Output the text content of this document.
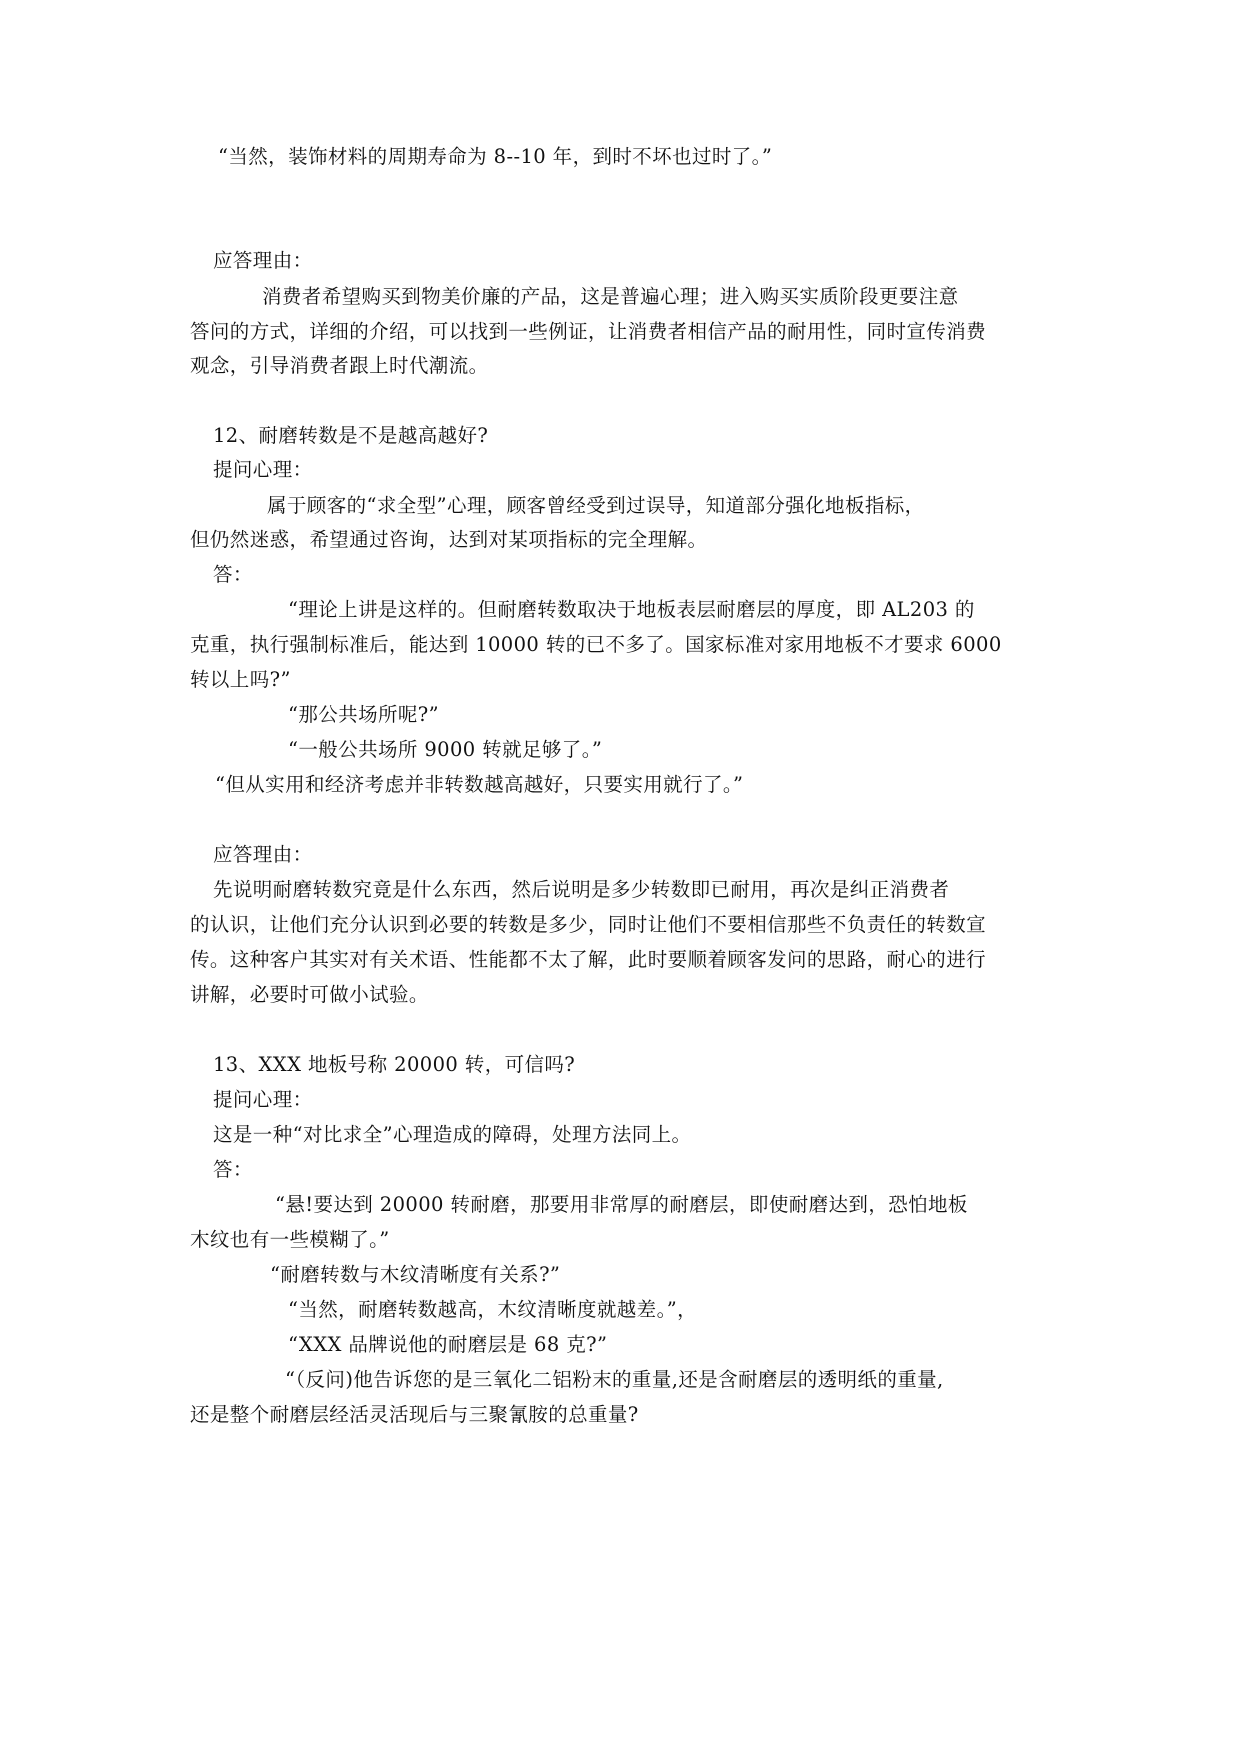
“当然，装饰材料的周期寿命为 8--10 年，到时不坏也过时了。”
应答理由：
消费者希望购买到物美价廉的产品，这是普遍心理；进入购买实质阶段更要注意
答问的方式，详细的介绍，可以找到一些例证，让消费者相信产品的耐用性，同时宣传消费
观念，引导消费者跟上时代潮流。
12、耐磨转数是不是越高越好?
提问心理：
属于顾客的“求全型”心理，顾客曾经受到过误导，知道部分强化地板指标，
但仍然迷惑，希望通过咨询，达到对某项指标的完全理解。
答：
“理论上讲是这样的。但耐磨转数取决于地板表层耐磨层的厚度，即 AL203 的
克重，执行强制标准后，能达到 10000 转的已不多了。国家标准对家用地板不才要求 6000
转以上吗?”
“那公共场所呢?”
“一般公共场所 9000 转就足够了。”
“但从实用和经济考虑并非转数越高越好，只要实用就行了。”
应答理由：
先说明耐磨转数究竟是什么东西，然后说明是多少转数即已耐用，再次是纠正消费者
的认识，让他们充分认识到必要的转数是多少，同时让他们不要相信那些不负责任的转数宣
传。这种客户其实对有关术语、性能都不太了解，此时要顺着顾客发问的思路，耐心的进行
讲解，必要时可做小试验。
13、XXX 地板号称 20000 转，可信吗?
提问心理：
这是一种“对比求全”心理造成的障碍，处理方法同上。
答：
“悬!要达到 20000 转耐磨，那要用非常厚的耐磨层，即使耐磨达到，恐怕地板
木纹也有一些模糊了。”
“耐磨转数与木纹清晰度有关系?”
“当然，耐磨转数越高，木纹清晰度就越差。”，
“XXX 品牌说他的耐磨层是 68 克?”
“（反问)他告诉您的是三氧化二铝粉末的重量,还是含耐磨层的透明纸的重量,
还是整个耐磨层经活灵活现后与三聚氰胺的总重量?
